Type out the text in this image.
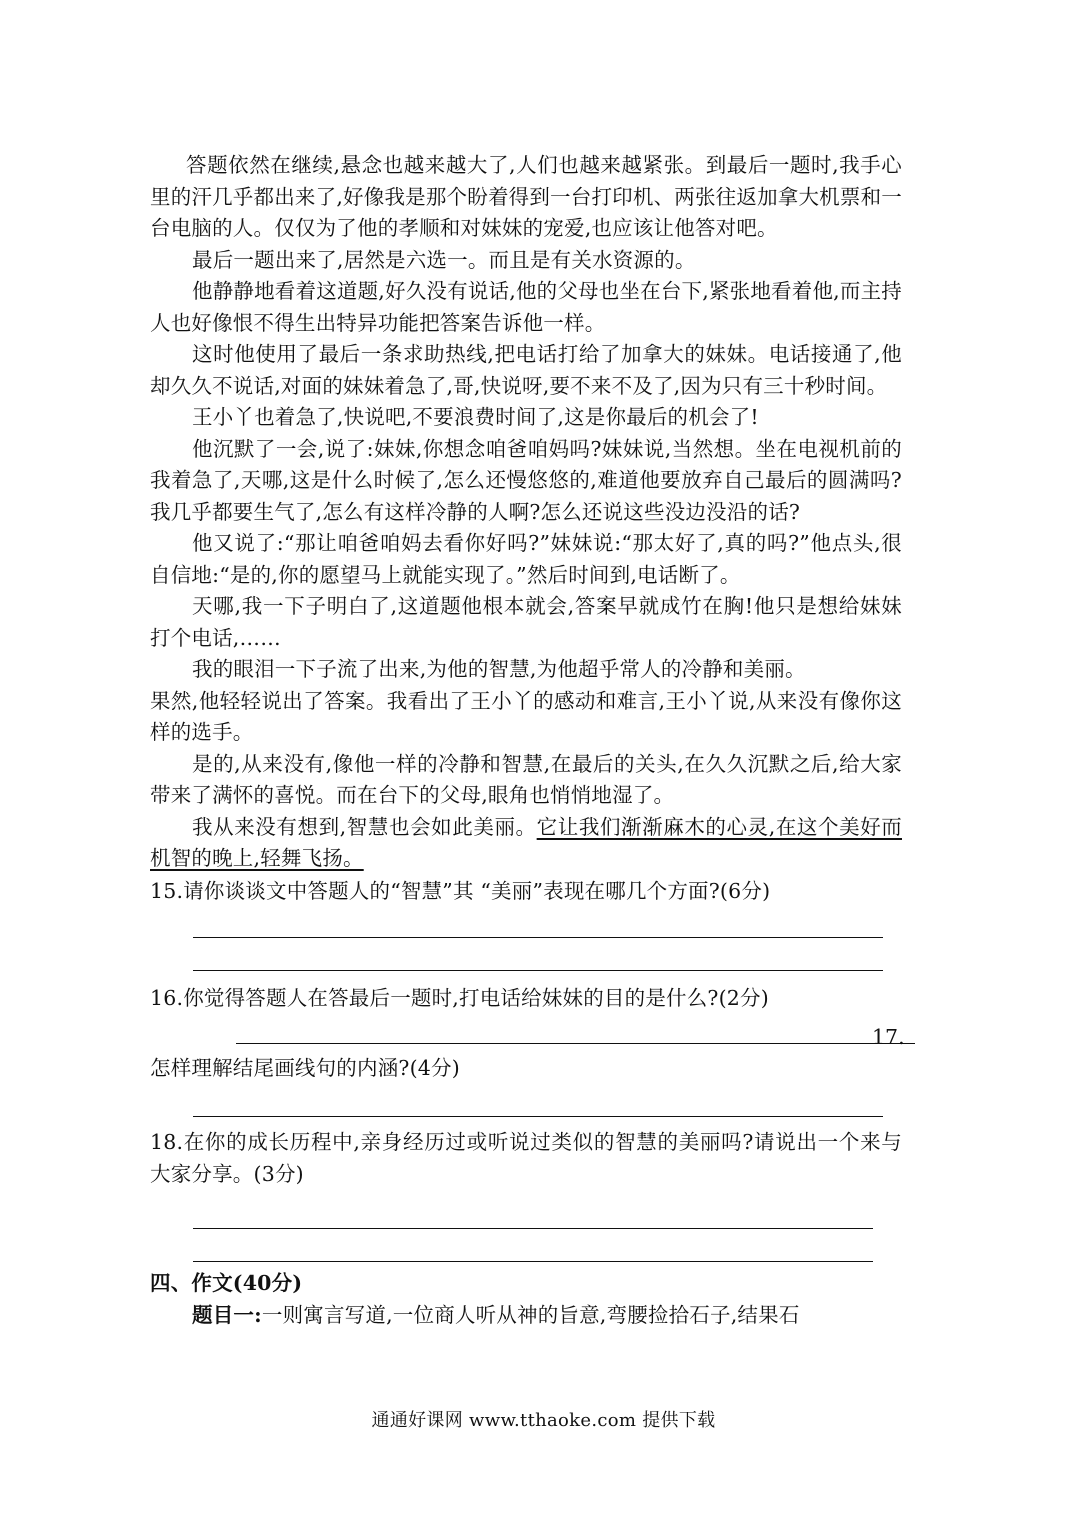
答题依然在继续,悬念也越来越大了,人们也越来越紧张。到最后一题时,我手心里的汗几乎都出来了,好像我是那个盼着得到一台打印机、两张往返加拿大机票和一台电脑的人。仅仅为了他的孝顺和对妹妹的宠爱,也应该让他答对吧。

最后一题出来了,居然是六选一。而且是有关水资源的。

他静静地看着这道题,好久没有说话,他的父母也坐在台下,紧张地看着他,而主持人也好像恨不得生出特异功能把答案告诉他一样。

这时他使用了最后一条求助热线,把电话打给了加拿大的妹妹。电话接通了,他却久久不说话,对面的妹妹着急了,哥,快说呀,要不来不及了,因为只有三十秒时间。

王小丫也着急了,快说吧,不要浪费时间了,这是你最后的机会了!

他沉默了一会,说了:妹妹,你想念咱爸咱妈吗?妹妹说,当然想。坐在电视机前的我着急了,天哪,这是什么时候了,怎么还慢悠悠的,难道他要放弃自己最后的圆满吗?我几乎都要生气了,怎么有这样冷静的人啊?怎么还说这些没边没沿的话?

他又说了:“那让咱爸咱妈去看你好吗?”妹妹说:“那太好了,真的吗?”他点头,很自信地:“是的,你的愿望马上就能实现了。”然后时间到,电话断了。

天哪,我一下子明白了,这道题他根本就会,答案早就成竹在胸!他只是想给妹妹打个电话,……

我的眼泪一下子流了出来,为他的智慧,为他超乎常人的冷静和美丽。

果然,他轻轻说出了答案。我看出了王小丫的感动和难言,王小丫说,从来没有像你这样的选手。

是的,从来没有,像他一样的冷静和智慧,在最后的关头,在久久沉默之后,给大家带来了满怀的喜悦。而在台下的父母,眼角也悄悄地湿了。

我从来没有想到,智慧也会如此美丽。它让我们渐渐麻木的心灵,在这个美好而机智的晚上,轻舞飞扬。

15.请你谈谈文中答题人的“智慧”其 “美丽”表现在哪几个方面?(6分)

16.你觉得答题人在答最后一题时,打电话给妹妹的目的是什么?(2分)

17.

怎样理解结尾画线句的内涵?(4分)

18.在你的成长历程中,亲身经历过或听说过类似的智慧的美丽吗?请说出一个来与大家分享。(3分)

四、作文(40分)

题目一:一则寓言写道,一位商人听从神的旨意,弯腰捡拾石子,结果石

通通好课网 www.tthaoke.com 提供下载
